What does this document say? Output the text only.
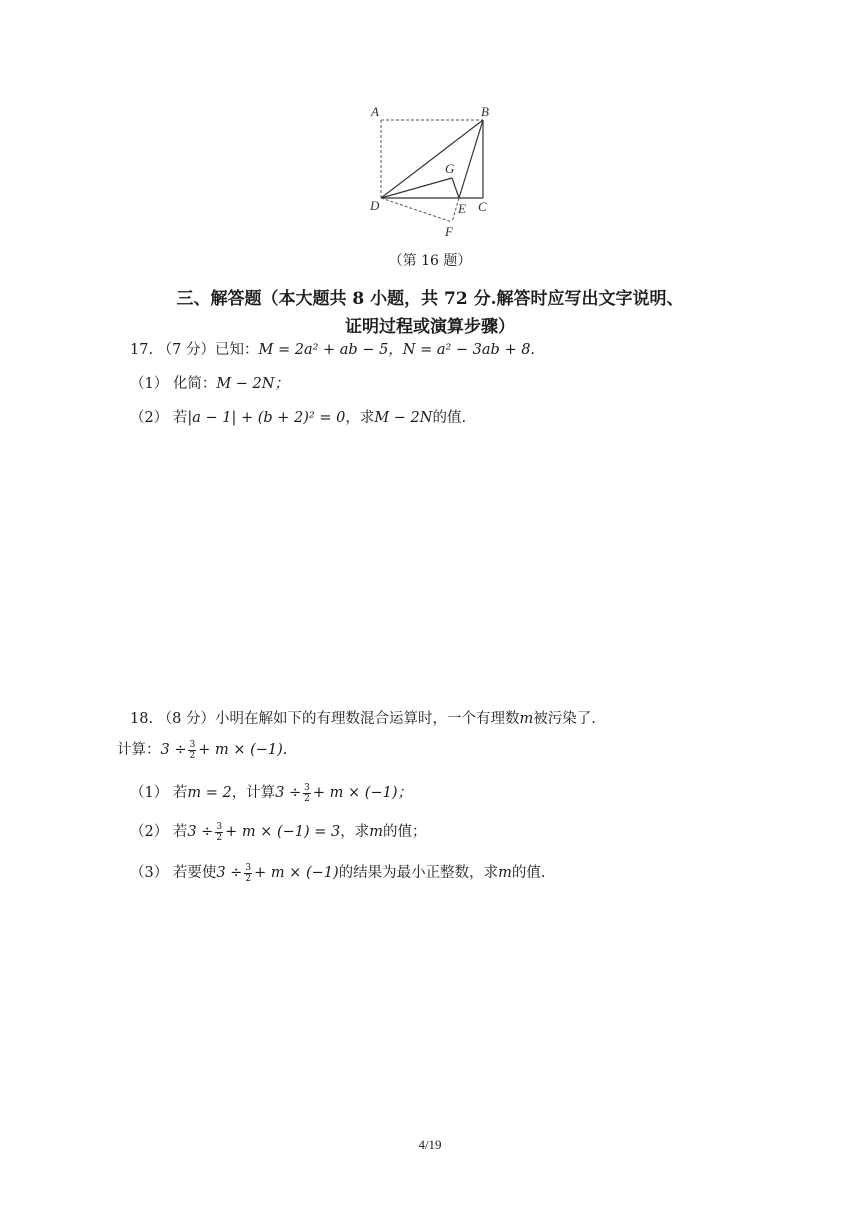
A	B
C
D	E
F
G
（第 16 题）
三、解答题（本大题共 8 小题，共 72 分.解答时应写出文字说明、
证明过程或演算步骤）
17. （7 分）已知：M = 2a² + ab − 5，N = a² − 3ab + 8.
（1） 化简：M − 2N；
（2） 若|a − 1| + (b + 2)² = 0，求M − 2N的值.
18. （8 分）小明在解如下的有理数混合运算时，一个有理数m被污染了.
计算：$3 \div \frac{3}{2} + m \times (-1)$.
（1） 若m = 2，计算$3 \div \frac{3}{2} + m \times (-1)$；
（2） 若$3 \div \frac{3}{2} + m \times (-1) = 3$，求m的值；
（3） 若要使$3 \div \frac{3}{2} + m \times (-1)$的结果为最小正整数，求m的值.
4/19
